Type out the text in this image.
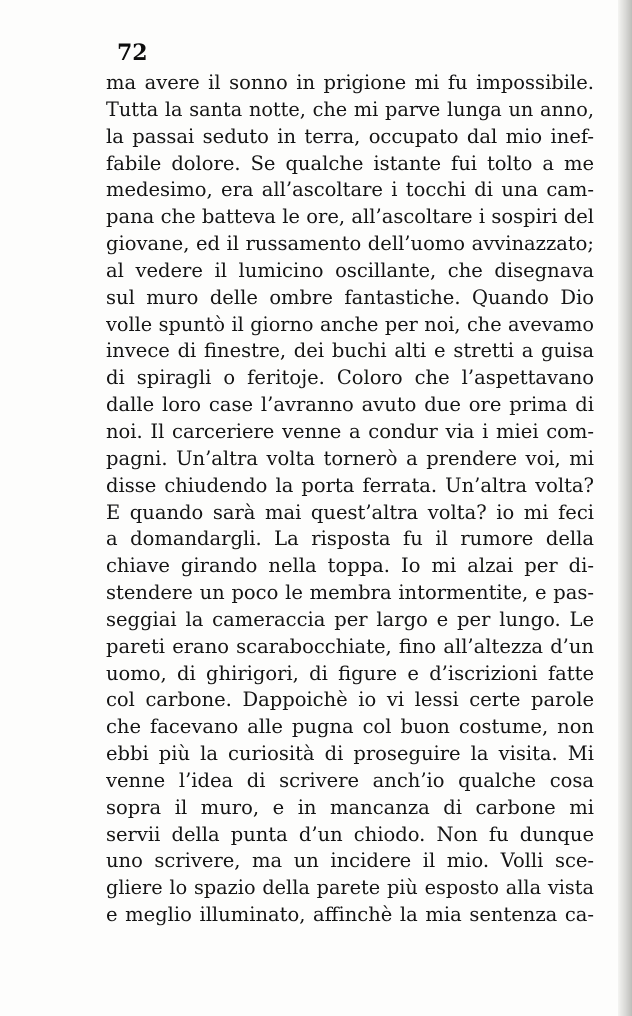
72
ma avere il sonno in prigione mi fu impossibile.
Tutta la santa notte, che mi parve lunga un anno,
la passai seduto in terra, occupato dal mio inef-
fabile dolore. Se qualche istante fui tolto a me
medesimo, era all’ascoltare i tocchi di una cam-
pana che batteva le ore, all’ascoltare i sospiri del
giovane, ed il russamento dell’uomo avvinazzato;
al vedere il lumicino oscillante, che disegnava
sul muro delle ombre fantastiche. Quando Dio
volle spuntò il giorno anche per noi, che avevamo
invece di finestre, dei buchi alti e stretti a guisa
di spiragli o feritoje. Coloro che l’aspettavano
dalle loro case l’avranno avuto due ore prima di
noi. Il carceriere venne a condur via i miei com-
pagni. Un’altra volta tornerò a prendere voi, mi
disse chiudendo la porta ferrata. Un’altra volta?
E quando sarà mai quest’altra volta? io mi feci
a domandargli. La risposta fu il rumore della
chiave girando nella toppa. Io mi alzai per di-
stendere un poco le membra intormentite, e pas-
seggiai la cameraccia per largo e per lungo. Le
pareti erano scarabocchiate, fino all’altezza d’un
uomo, di ghirigori, di figure e d’iscrizioni fatte
col carbone. Dappoichè io vi lessi certe parole
che facevano alle pugna col buon costume, non
ebbi più la curiosità di proseguire la visita. Mi
venne l’idea di scrivere anch’io qualche cosa
sopra il muro, e in mancanza di carbone mi
servii della punta d’un chiodo. Non fu dunque
uno scrivere, ma un incidere il mio. Volli sce-
gliere lo spazio della parete più esposto alla vista
e meglio illuminato, affinchè la mia sentenza ca-
